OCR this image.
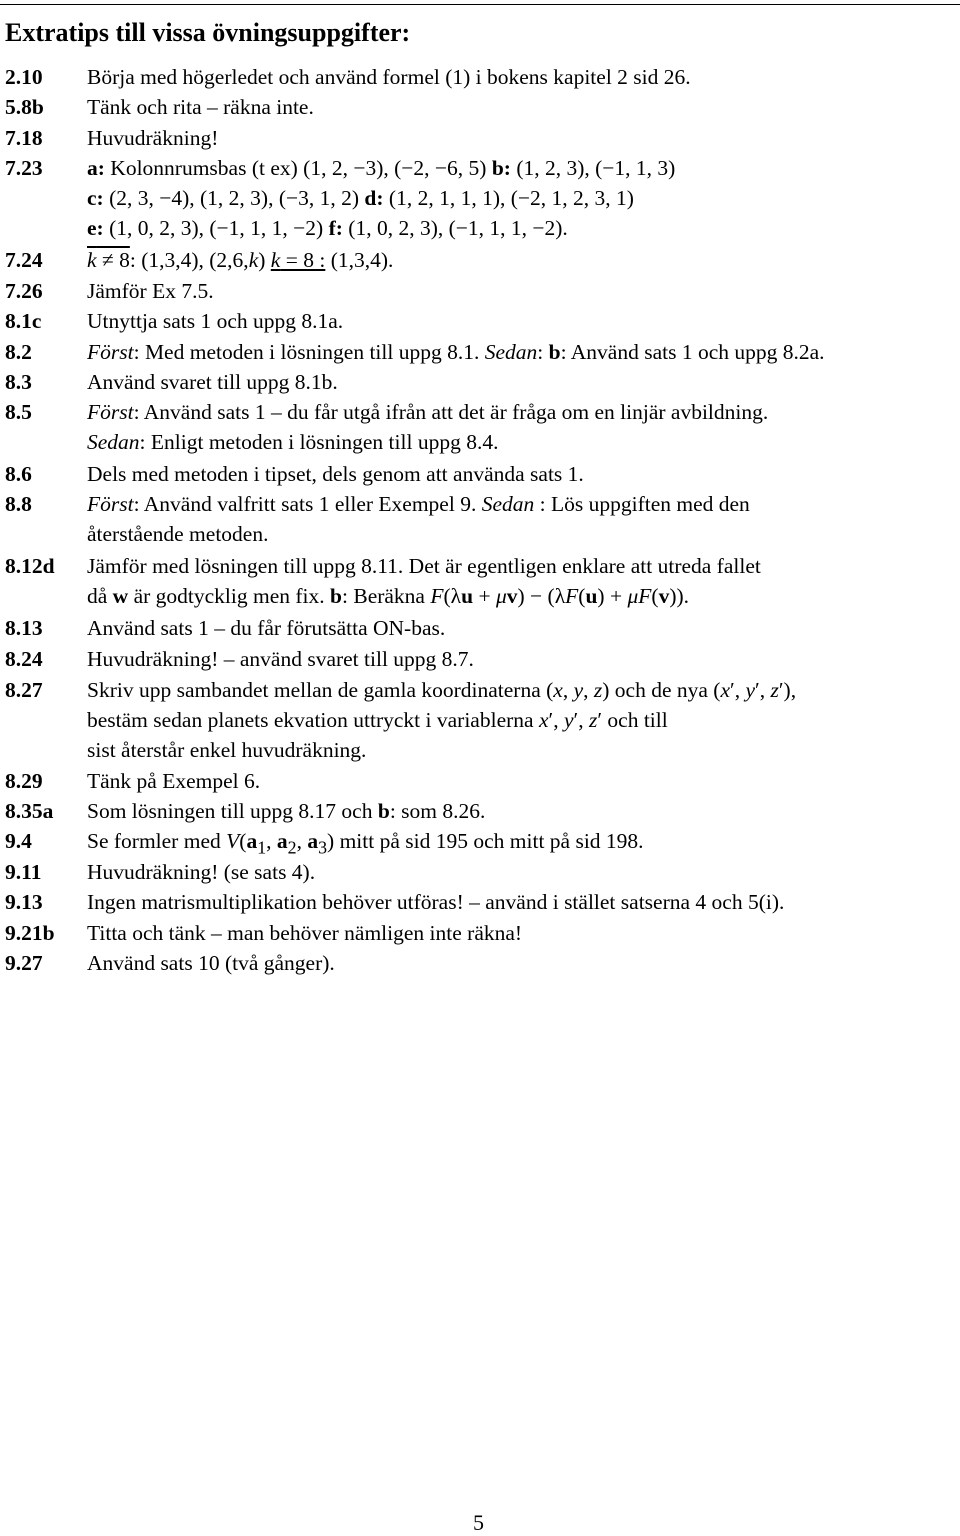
Extratips till vissa övningsuppgifter:
2.10 Börja med högerledet och använd formel (1) i bokens kapitel 2 sid 26.
5.8b Tänk och rita – räkna inte.
7.18 Huvudräkning!
7.23 a: Kolonnrumsbas (t ex) (1, 2, −3), (−2, −6, 5) b: (1, 2, 3), (−1, 1, 3)
c: (2, 3, −4), (1, 2, 3), (−3, 1, 2) d: (1, 2, 1, 1, 1), (−2, 1, 2, 3, 1)
e: (1, 0, 2, 3), (−1, 1, 1, −2) f: (1, 0, 2, 3), (−1, 1, 1, −2).
7.24 k ≠ 8: (1,3,4), (2,6,k) k = 8 : (1,3,4).
7.26 Jämför Ex 7.5.
8.1c Utnyttja sats 1 och uppg 8.1a.
8.2	Först: Med metoden i lösningen till uppg 8.1. Sedan: b: Använd sats 1 och uppg 8.2a.
8.3	Använd svaret till uppg 8.1b.
8.5	Först: Använd sats 1 – du får utgå ifrån att det är fråga om en linjär avbildning.
Sedan: Enligt metoden i lösningen till uppg 8.4.
8.6	Dels med metoden i tipset, dels genom att använda sats 1.
8.8	Först: Använd valfritt sats 1 eller Exempel 9. Sedan : Lös uppgiften med den
återstående metoden.
8.12d Jämför med lösningen till uppg 8.11. Det är egentligen enklare att utreda fallet
då w är godtycklig men fix. b: Beräkna F(λu + μv) − (λF(u) + μF(v)).
8.13 Använd sats 1 – du får förutsätta ON-bas.
8.24 Huvudräkning! – använd svaret till uppg 8.7.
8.27 Skriv upp sambandet mellan de gamla koordinaterna (x, y, z) och de nya (x′, y′, z′),
bestäm sedan planets ekvation uttryckt i variablerna x′, y′, z′ och till
sist återstår enkel huvudräkning.
8.29 Tänk på Exempel 6.
8.35a Som lösningen till uppg 8.17 och b: som 8.26.
9.4	Se formler med $V(a_1$, $a_2$, $a_3$) mitt på sid 195 och mitt på sid 198.
9.11 Huvudräkning! (se sats 4).
9.13 Ingen matrismultiplikation behöver utföras! – använd i stället satserna 4 och 5(i).
9.21b Titta och tänk – man behöver nämligen inte räkna!
9.27 Använd sats 10 (två gånger).
5
